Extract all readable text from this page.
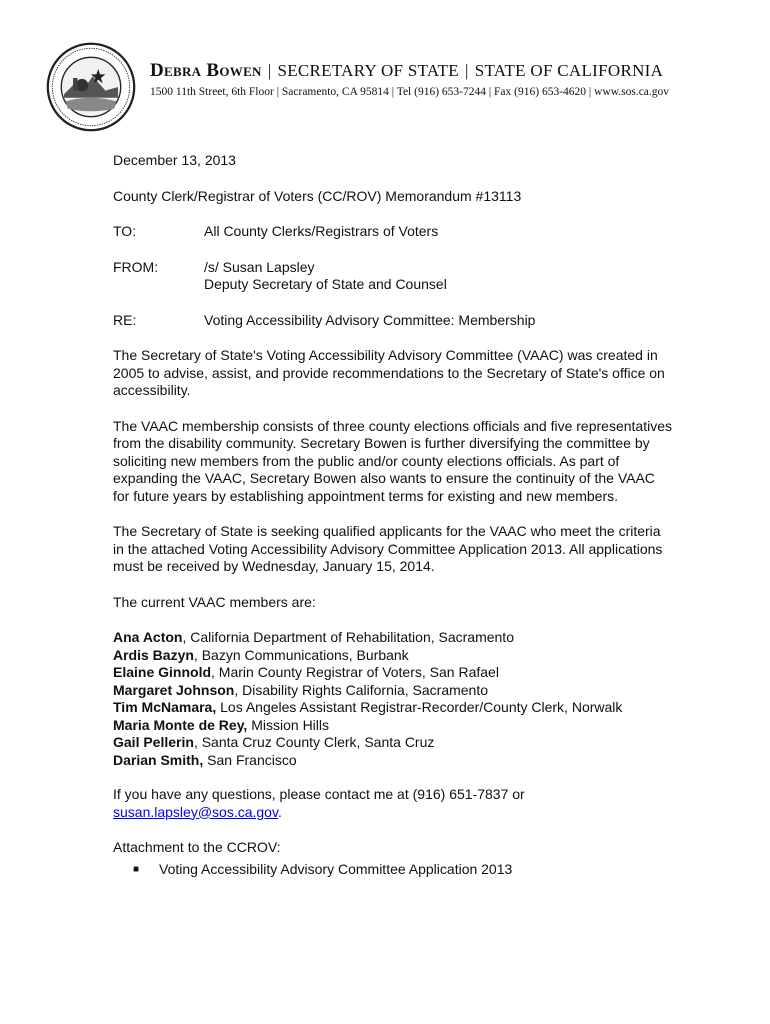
Debra Bowen | SECRETARY OF STATE | STATE OF CALIFORNIA
1500 11th Street, 6th Floor | Sacramento, CA 95814 | Tel (916) 653-7244 | Fax (916) 653-4620 | www.sos.ca.gov
December 13, 2013
County Clerk/Registrar of Voters (CC/ROV) Memorandum #13113
TO:	All County Clerks/Registrars of Voters
FROM:	/s/ Susan Lapsley
Deputy Secretary of State and Counsel
RE:	Voting Accessibility Advisory Committee: Membership

The Secretary of State's Voting Accessibility Advisory Committee (VAAC) was created in 2005 to advise, assist, and provide recommendations to the Secretary of State's office on accessibility.

The VAAC membership consists of three county elections officials and five representatives from the disability community. Secretary Bowen is further diversifying the committee by soliciting new members from the public and/or county elections officials. As part of expanding the VAAC, Secretary Bowen also wants to ensure the continuity of the VAAC for future years by establishing appointment terms for existing and new members.

The Secretary of State is seeking qualified applicants for the VAAC who meet the criteria in the attached Voting Accessibility Advisory Committee Application 2013. All applications must be received by Wednesday, January 15, 2014.

The current VAAC members are:

Ana Acton, California Department of Rehabilitation, Sacramento
Ardis Bazyn, Bazyn Communications, Burbank
Elaine Ginnold, Marin County Registrar of Voters, San Rafael
Margaret Johnson, Disability Rights California, Sacramento
Tim McNamara, Los Angeles Assistant Registrar-Recorder/County Clerk, Norwalk
Maria Monte de Rey, Mission Hills
Gail Pellerin, Santa Cruz County Clerk, Santa Cruz
Darian Smith, San Francisco

If you have any questions, please contact me at (916) 651-7837 or
susan.lapsley@sos.ca.gov.

Attachment to the CCROV:
■	Voting Accessibility Advisory Committee Application 2013
